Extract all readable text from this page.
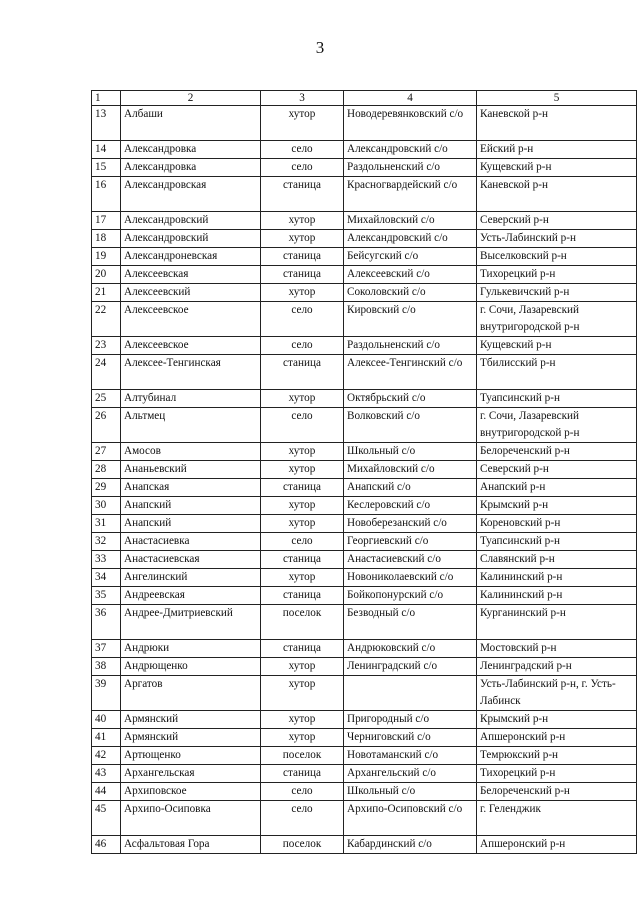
3
1	2	3	4	5
13	Албаши	хутор	Новодеревянковский с/о	Каневской р-н
14	Александровка	село	Александровский с/о	Ейский р-н
15	Александровка	село	Раздольненский с/о	Кущевский р-н
16	Александровская	станица	Красногвардейский с/о	Каневской р-н
17	Александровский	хутор	Михайловский с/о	Северский р-н
18	Александровский	хутор	Александровский с/о	Усть-Лабинский р-н
19	Александроневская	станица	Бейсугский с/о	Выселковский р-н
20	Алексеевская	станица	Алексеевский с/о	Тихорецкий р-н
21	Алексеевский	хутор	Соколовский с/о	Гулькевичский р-н
22	Алексеевское	село	Кировский с/о	г. Сочи, Лазаревский внутригородской р-н
23	Алексеевское	село	Раздольненский с/о	Кущевский р-н
24	Алексее-Тенгинская	станица	Алексее-Тенгинский с/о	Тбилисский р-н
25	Алтубинал	хутор	Октябрьский с/о	Туапсинский р-н
26	Альтмец	село	Волковский с/о	г. Сочи, Лазаревский внутригородской р-н
27	Амосов	хутор	Школьный с/о	Белореченский р-н
28	Ананьевский	хутор	Михайловский с/о	Северский р-н
29	Анапская	станица	Анапский с/о	Анапский р-н
30	Анапский	хутор	Кеслеровский с/о	Крымский р-н
31	Анапский	хутор	Новоберезанский с/о	Кореновский р-н
32	Анастасиевка	село	Георгиевский с/о	Туапсинский р-н
33	Анастасиевская	станица	Анастасиевский с/о	Славянский р-н
34	Ангелинский	хутор	Новониколаевский с/о	Калининский р-н
35	Андреевская	станица	Бойкопонурский с/о	Калининский р-н
36	Андрее-Дмитриевский	поселок	Безводный с/о	Курганинский р-н
37	Андрюки	станица	Андрюковский с/о	Мостовский р-н
38	Андрющенко	хутор	Ленинградский с/о	Ленинградский р-н
39	Аргатов	хутор		Усть-Лабинский р-н, г. Усть-Лабинск
40	Армянский	хутор	Пригородный с/о	Крымский р-н
41	Армянский	хутор	Черниговский с/о	Апшеронский р-н
42	Артющенко	поселок	Новотаманский с/о	Темрюкский р-н
43	Архангельская	станица	Архангельский с/о	Тихорецкий р-н
44	Архиповское	село	Школьный с/о	Белореченский р-н
45	Архипо-Осиповка	село	Архипо-Осиповский с/о	г. Геленджик
46	Асфальтовая Гора	поселок	Кабардинский с/о	Апшеронский р-н
